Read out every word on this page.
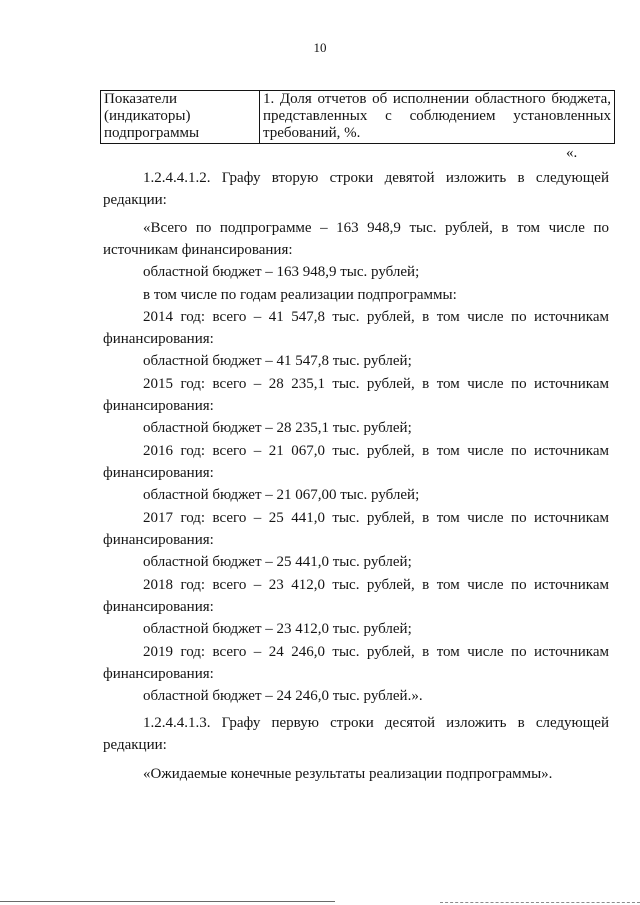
10
Показатели
(индикаторы)
подпрограммы

1. Доля отчетов об исполнении областного бюджета,
представленных с соблюдением установленных
требований, %.
«.

1.2.4.4.1.2. Графу вторую строки девятой изложить в следующей

редакции:

«Всего по подпрограмме – 163 948,9 тыс. рублей, в том числе по

источникам финансирования:

областной бюджет – 163 948,9 тыс. рублей;

в том числе по годам реализации подпрограммы:

2014 год: всего – 41 547,8 тыс. рублей, в том числе по источникам

финансирования:

областной бюджет – 41 547,8 тыс. рублей;

2015 год: всего – 28 235,1 тыс. рублей, в том числе по источникам

финансирования:

областной бюджет – 28 235,1 тыс. рублей;

2016 год: всего – 21 067,0 тыс. рублей, в том числе по источникам

финансирования:

областной бюджет – 21 067,00 тыс. рублей;

2017 год: всего – 25 441,0 тыс. рублей, в том числе по источникам

финансирования:

областной бюджет – 25 441,0 тыс. рублей;

2018 год: всего – 23 412,0 тыс. рублей, в том числе по источникам

финансирования:

областной бюджет – 23 412,0 тыс. рублей;

2019 год: всего – 24 246,0 тыс. рублей, в том числе по источникам

финансирования:

областной бюджет – 24 246,0 тыс. рублей.».

1.2.4.4.1.3. Графу первую строки десятой изложить в следующей

редакции:

«Ожидаемые конечные результаты реализации подпрограммы».
